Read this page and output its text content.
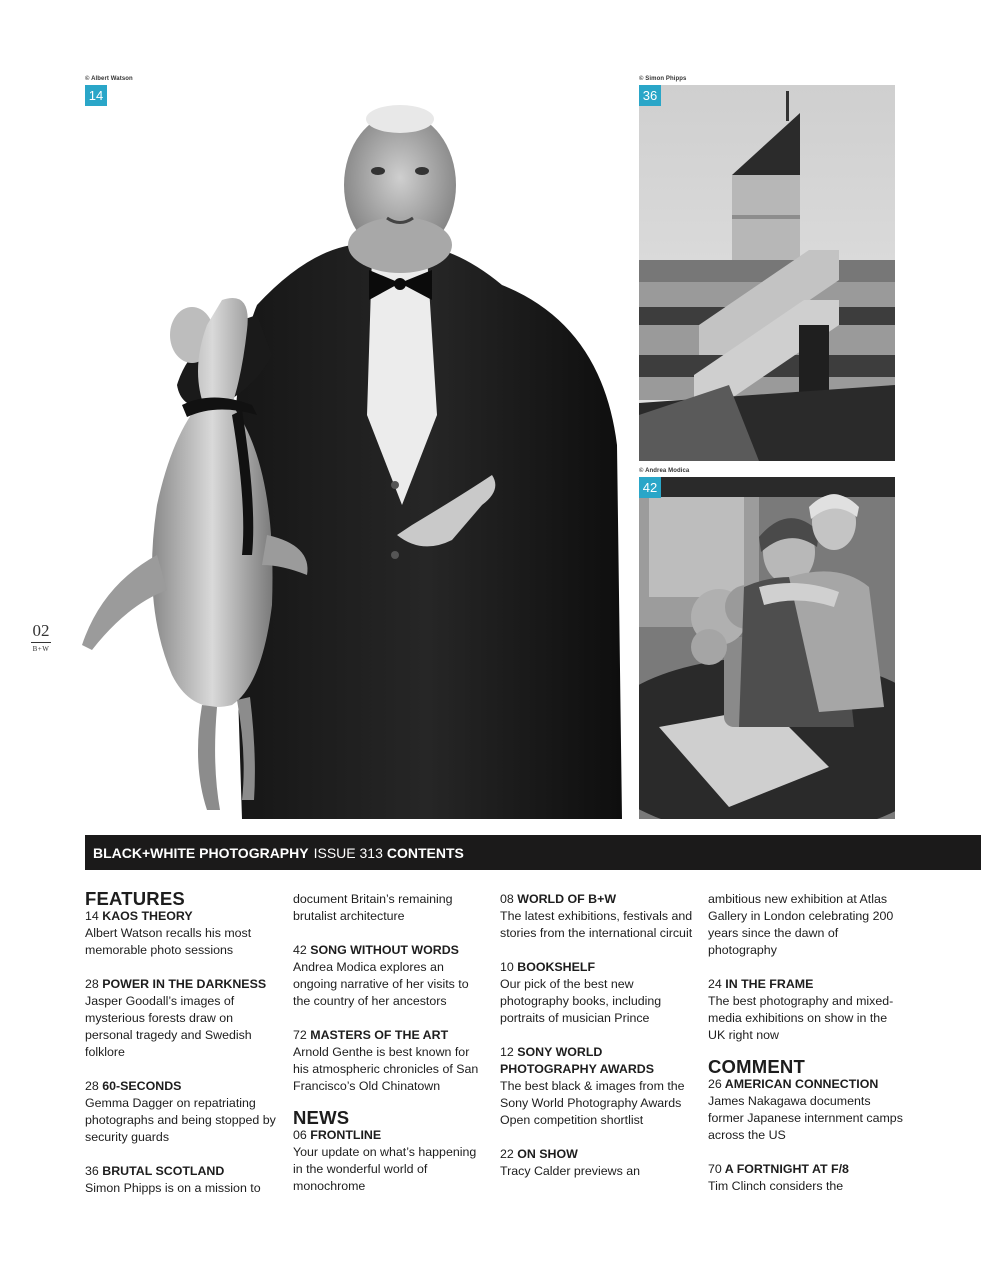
© Albert Watson	© Simon Phipps
© Andrea Modica
14	36
42
02
B+W
BLACK+WHITE PHOTOGRAPHY ISSUE 313 CONTENTS
FEATURES
14 KAOS THEORY
Albert Watson recalls his most memorable photo sessions
28 POWER IN THE DARKNESS
Jasper Goodall’s images of mysterious forests draw on personal tragedy and Swedish folklore
28 60-SECONDS
Gemma Dagger on repatriating photographs and being stopped by security guards
36 BRUTAL SCOTLAND
Simon Phipps is on a mission to
document Britain’s remaining brutalist architecture
42 SONG WITHOUT WORDS
Andrea Modica explores an ongoing narrative of her visits to the country of her ancestors
72 MASTERS OF THE ART
Arnold Genthe is best known for his atmospheric chronicles of San Francisco’s Old Chinatown
NEWS
06 FRONTLINE
Your update on what’s happening in the wonderful world of monochrome
08 WORLD OF B+W
The latest exhibitions, festivals and stories from the international circuit
10 BOOKSHELF
Our pick of the best new photography books, including portraits of musician Prince
12 SONY WORLD PHOTOGRAPHY AWARDS
The best black & images from the Sony World Photography Awards Open competition shortlist
22 ON SHOW
Tracy Calder previews an
ambitious new exhibition at Atlas Gallery in London celebrating 200 years since the dawn of photography
24 IN THE FRAME
The best photography and mixed-media exhibitions on show in the UK right now
COMMENT
26 AMERICAN CONNECTION
James Nakagawa documents former Japanese internment camps across the US
70 A FORTNIGHT AT F/8
Tim Clinch considers the
